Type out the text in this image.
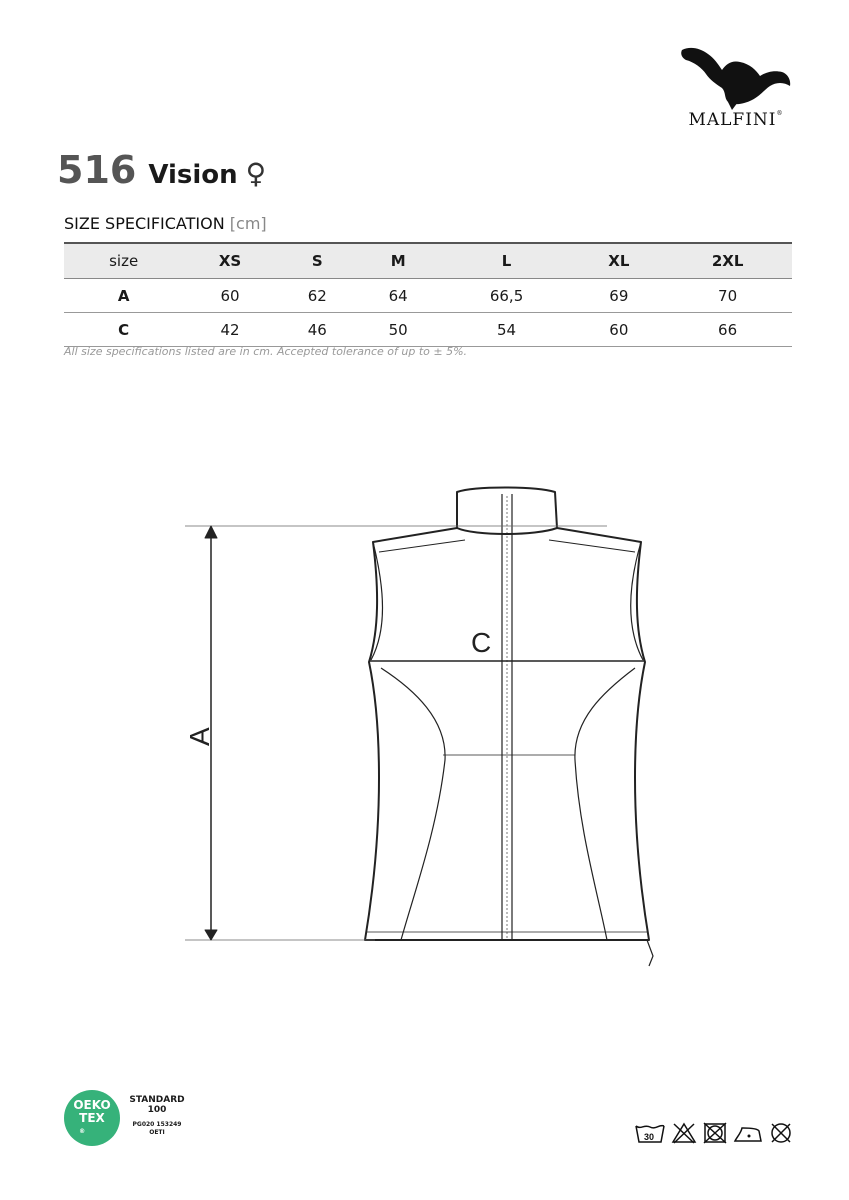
MALFINI®
516 Vision ♀
SIZE SPECIFICATION [cm]
size	XS	S	M	L	XL	2XL
A	60	62	64	66,5	69	70
C	42	46	50	54	60	66
All size specifications listed are in cm. Accepted tolerance of up to ± 5%.
C
A
OEKO
TEX
®
STANDARD
100
PG020 153249
OETI	30
